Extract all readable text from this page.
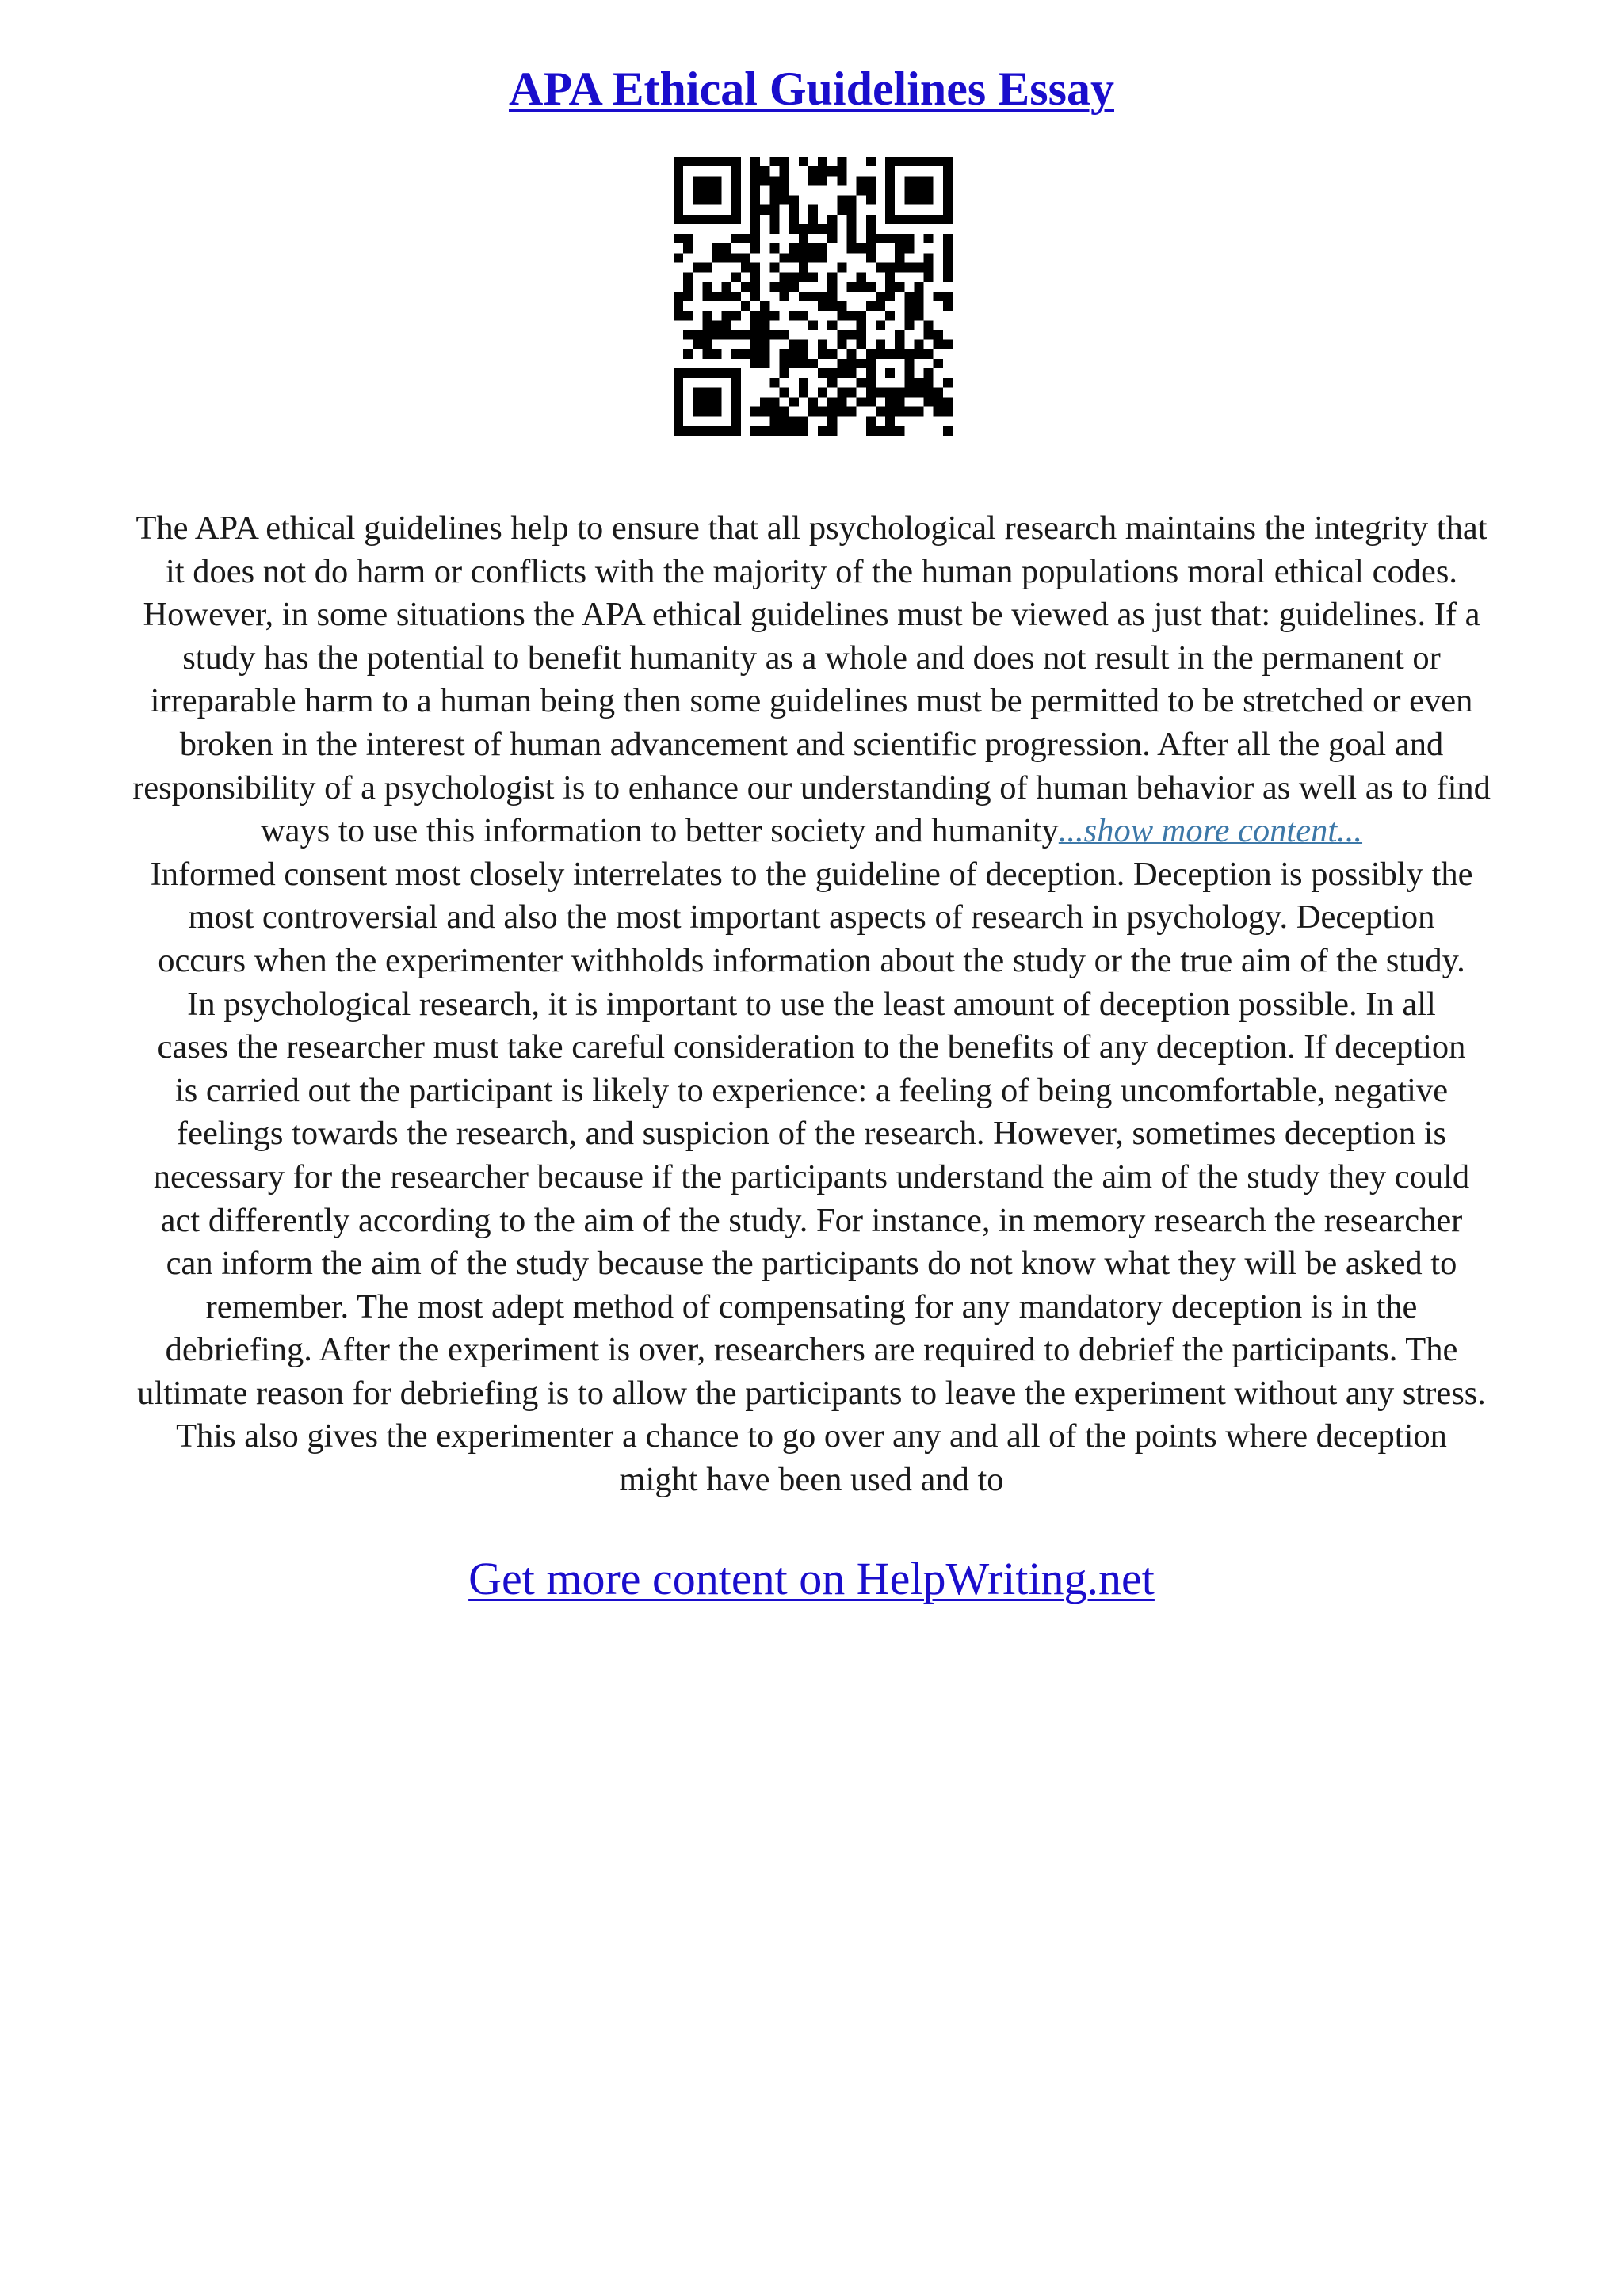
APA Ethical Guidelines Essay
The APA ethical guidelines help to ensure that all psychological research maintains the integrity that
it does not do harm or conflicts with the majority of the human populations moral ethical codes.
However, in some situations the APA ethical guidelines must be viewed as just that: guidelines. If a
study has the potential to benefit humanity as a whole and does not result in the permanent or
irreparable harm to a human being then some guidelines must be permitted to be stretched or even
broken in the interest of human advancement and scientific progression. After all the goal and
responsibility of a psychologist is to enhance our understanding of human behavior as well as to find
ways to use this information to better society and humanity...show more content...
Informed consent most closely interrelates to the guideline of deception. Deception is possibly the
most controversial and also the most important aspects of research in psychology. Deception
occurs when the experimenter withholds information about the study or the true aim of the study.
In psychological research, it is important to use the least amount of deception possible. In all
cases the researcher must take careful consideration to the benefits of any deception. If deception
is carried out the participant is likely to experience: a feeling of being uncomfortable, negative
feelings towards the research, and suspicion of the research. However, sometimes deception is
necessary for the researcher because if the participants understand the aim of the study they could
act differently according to the aim of the study. For instance, in memory research the researcher
can inform the aim of the study because the participants do not know what they will be asked to
remember. The most adept method of compensating for any mandatory deception is in the
debriefing. After the experiment is over, researchers are required to debrief the participants. The
ultimate reason for debriefing is to allow the participants to leave the experiment without any stress.
This also gives the experimenter a chance to go over any and all of the points where deception
might have been used and to
Get more content on HelpWriting.net
